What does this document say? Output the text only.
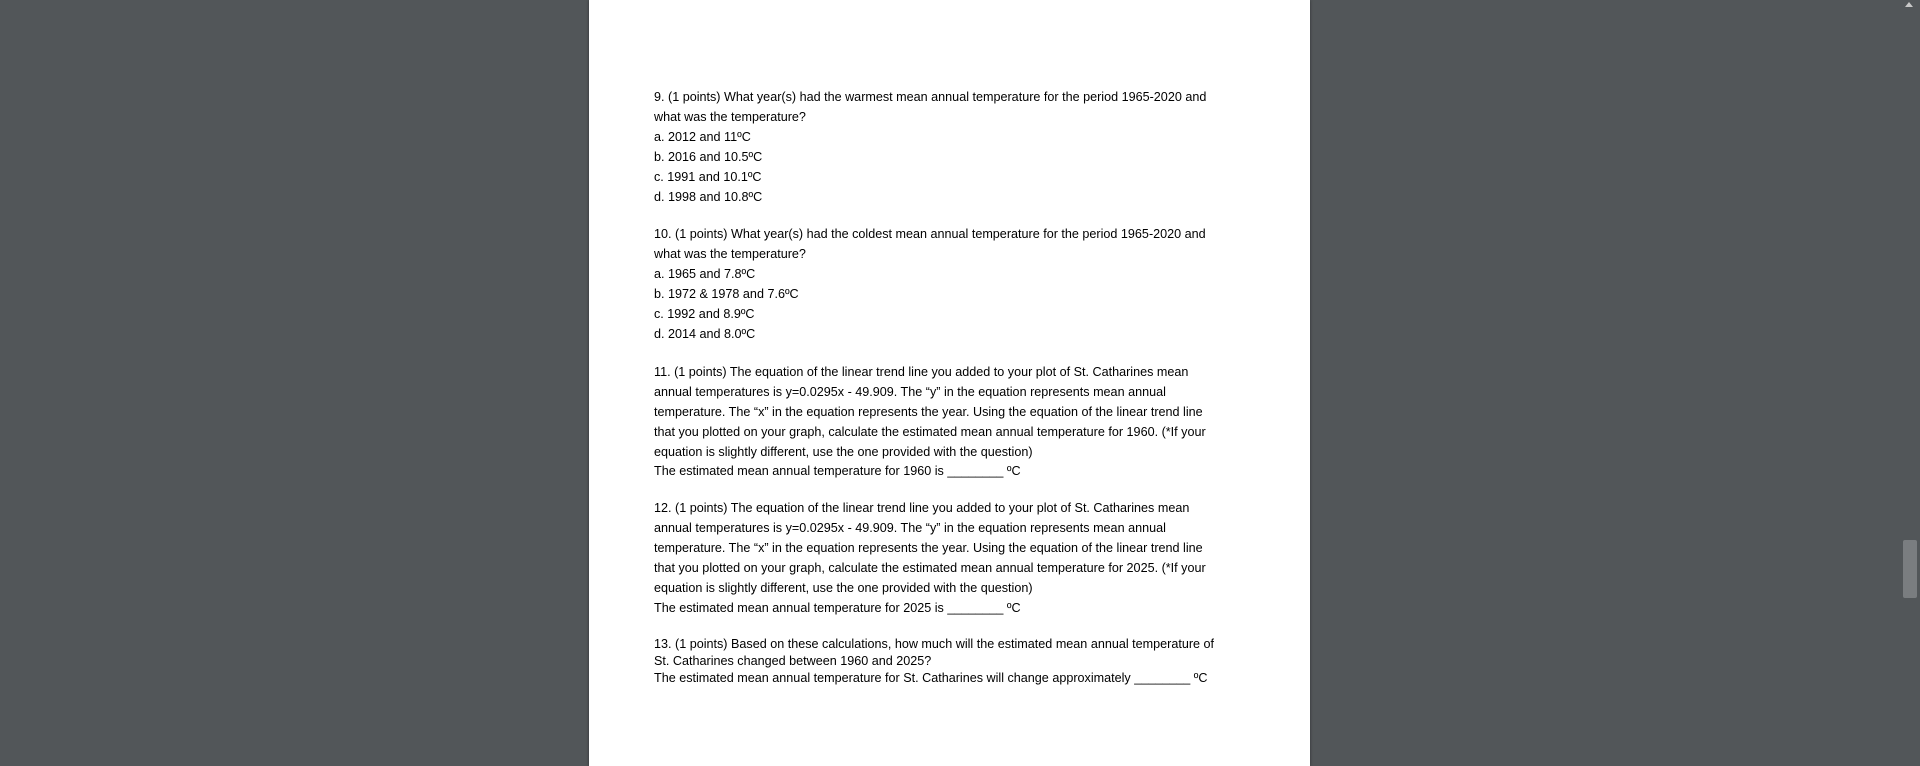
9. (1 points) What year(s) had the warmest mean annual temperature for the period 1965-2020 and
what was the temperature?
a. 2012 and 11ºC
b. 2016 and 10.5ºC
c. 1991 and 10.1ºC
d. 1998 and 10.8ºC
10. (1 points) What year(s) had the coldest mean annual temperature for the period 1965-2020 and
what was the temperature?
a. 1965 and 7.8ºC
b. 1972 & 1978 and 7.6ºC
c. 1992 and 8.9ºC
d. 2014 and 8.0ºC
11. (1 points) The equation of the linear trend line you added to your plot of St. Catharines mean
annual temperatures is y=0.0295x - 49.909. The “y” in the equation represents mean annual
temperature. The “x” in the equation represents the year. Using the equation of the linear trend line
that you plotted on your graph, calculate the estimated mean annual temperature for 1960. (*If your
equation is slightly different, use the one provided with the question)
The estimated mean annual temperature for 1960 is ________ ºC
12. (1 points) The equation of the linear trend line you added to your plot of St. Catharines mean
annual temperatures is y=0.0295x - 49.909. The “y” in the equation represents mean annual
temperature. The “x” in the equation represents the year. Using the equation of the linear trend line
that you plotted on your graph, calculate the estimated mean annual temperature for 2025. (*If your
equation is slightly different, use the one provided with the question)
The estimated mean annual temperature for 2025 is ________ ºC
13. (1 points) Based on these calculations, how much will the estimated mean annual temperature of
St. Catharines changed between 1960 and 2025?
The estimated mean annual temperature for St. Catharines will change approximately ________ ºC
